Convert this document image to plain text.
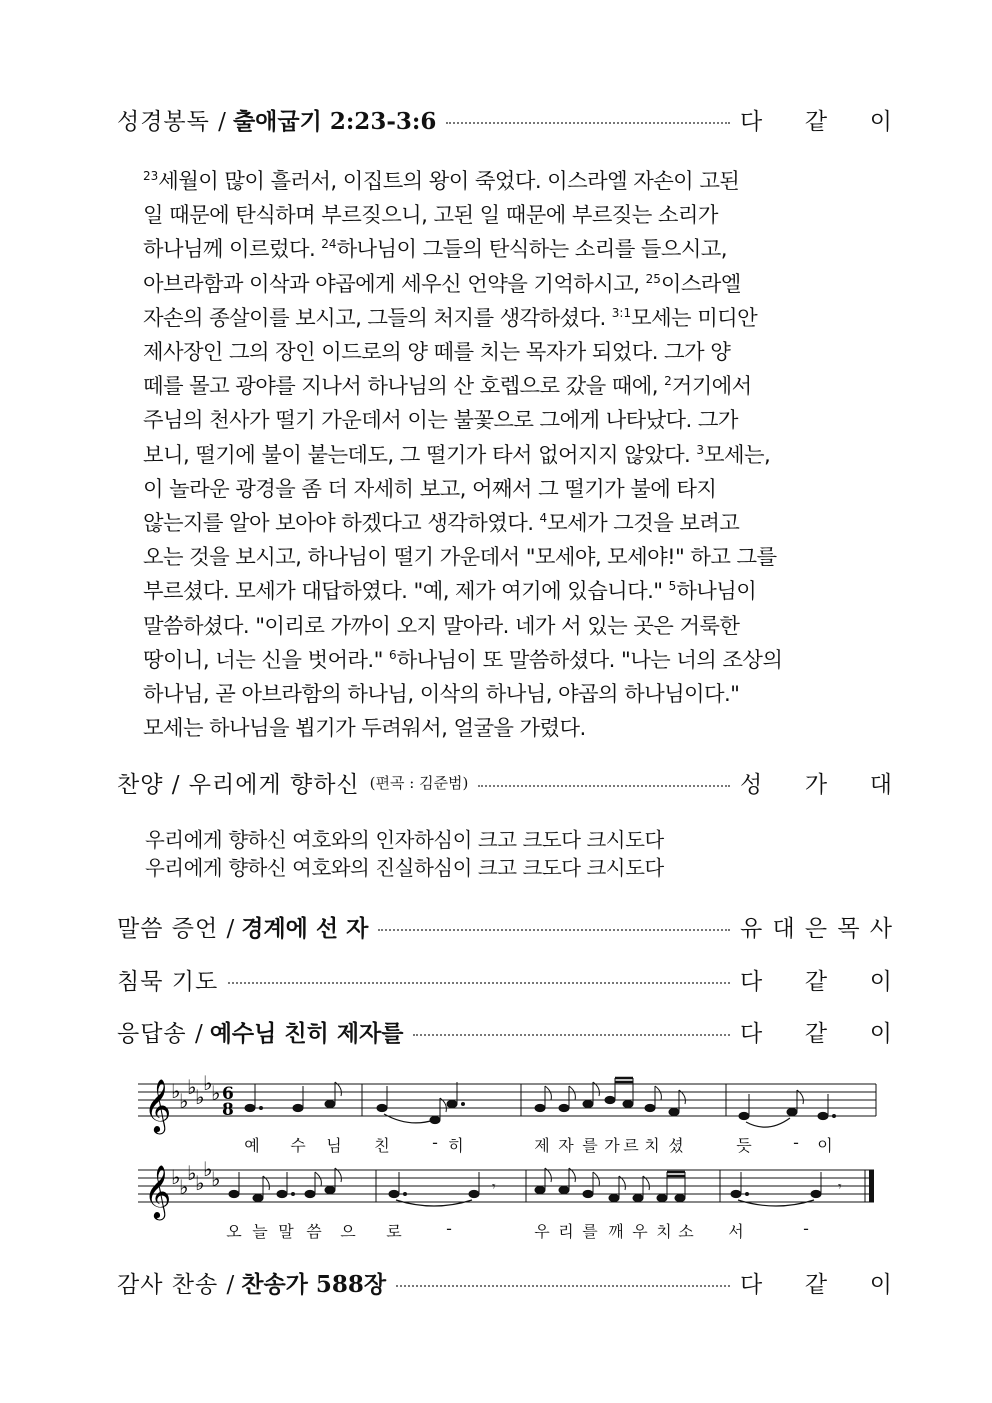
성경봉독 / 출애굽기 2:23-3:6	다 같 이
$^{23}$세월이 많이 흘러서, 이집트의 왕이 죽었다. 이스라엘 자손이 고된
일 때문에 탄식하며 부르짖으니, 고된 일 때문에 부르짖는 소리가
하나님께 이르렀다. $^{24}$하나님이 그들의 탄식하는 소리를 들으시고,
아브라함과 이삭과 야곱에게 세우신 언약을 기억하시고, $^{25}$이스라엘
자손의 종살이를 보시고, 그들의 처지를 생각하셨다. $^{3:1}$모세는 미디안
제사장인 그의 장인 이드로의 양 떼를 치는 목자가 되었다. 그가 양
떼를 몰고 광야를 지나서 하나님의 산 호렙으로 갔을 때에, $^2$거기에서
주님의 천사가 떨기 가운데서 이는 불꽃으로 그에게 나타났다. 그가
보니, 떨기에 불이 붙는데도, 그 떨기가 타서 없어지지 않았다. $^3$모세는,
이 놀라운 광경을 좀 더 자세히 보고, 어째서 그 떨기가 불에 타지
않는지를 알아 보아야 하겠다고 생각하였다. $^4$모세가 그것을 보려고
오는 것을 보시고, 하나님이 떨기 가운데서 "모세야, 모세야!" 하고 그를
부르셨다. 모세가 대답하였다. "예, 제가 여기에 있습니다." $^5$하나님이
말씀하셨다. "이리로 가까이 오지 말아라. 네가 서 있는 곳은 거룩한
땅이니, 너는 신을 벗어라." $^6$하나님이 또 말씀하셨다. "나는 너의 조상의
하나님, 곧 아브라함의 하나님, 이삭의 하나님, 야곱의 하나님이다."
모세는 하나님을 뵙기가 두려워서, 얼굴을 가렸다.
찬양 / 우리에게 향하신 (편곡 : 김준범)	성 가 대
우리에게 향하신 여호와의 인자하심이 크고 크도다 크시도다
우리에게 향하신 여호와의 진실하심이 크고 크도다 크시도다
말씀 증언 / 경계에 선 자	유 대 은 목 사
침묵 기도	다 같 이
응답송 / 예수님 친히 제자를	다 같 이
𝄞 ♭
♭
♭
♭
♭
♭ 6
8
예 수 님 친	- 히	제 자 를 가 르 치 셨	듯	- 이
𝄞 ♭
♭
♭
♭
♭
♭	𝄾	𝄾
오 늘 말 씀 으 로	-	우 리 를 깨 우 치 소 서	-
감사 찬송 / 찬송가 588장	다 같 이
